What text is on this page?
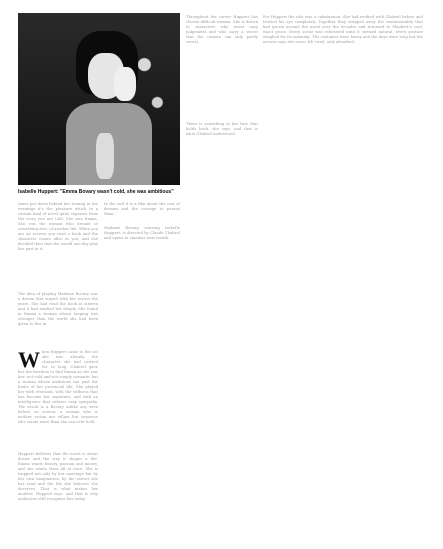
Isabelle Huppert: "Emma Bovary wasn't cold, she was ambitious"
times put down behind her ironing in the evenings it's the pleasure which in a certain kind of novel quite separate from the story you are told. She was Emma. She was the woman who dreamt of something else, of another life. When you are an actress you read a book and the character comes alive in you, and she decided then that she would one day play her part in it.
The idea of playing Madame Bovary was a dream that stayed with her across the years. She had read the book at sixteen and it had marked her deeply. She found in Emma a woman whose longing was stronger than the world she had been given to live in.
W hen Huppert came to the set she was already the character she had carried for so long. Chabrol gave her the freedom to find Emma as she saw her: not cold and not simply romantic but a woman whose ambitions ran past the limits of her provincial life. She played her with restraint, with the stillness that has become her signature, and with an intelligence that refuses easy sympathy. The result is a Bovary unlike any seen before on screen, a woman who is neither victim nor villain but someone who wants more than she can ever hold.
Huppert believes that the novel is about desire and the way it shapes a life. Emma wants beauty, passion and money, and she wants them all at once. She is trapped not only by her marriage but by her own imagination, by the stories she has read and the life she believes she deserves. That is what makes her modern, Huppert says, and that is why audiences still recognise her today.
In the end it is a film about the cost of dreams and the courage to pursue them.
Madame Bovary, starring Isabelle Huppert, is directed by Claude Chabrol and opens in cinemas next month.
Throughout her career Huppert has chosen difficult women. She is drawn to characters who resist easy judgement and who carry a secret that the camera can only partly reveal.
There is something in her face that holds back, she says, and that is what Chabrol understood.
For Huppert the role was a culmination. She had worked with Chabrol before and trusted his eye completely. Together they stripped away the sentimentality that had grown around the novel over the decades and returned to Flaubert's cool, exact prose. Every scene was rehearsed until it seemed natural, every gesture weighed for its meaning. The costumes were heavy and the days were long but the actress says she never felt tired, only absorbed.
